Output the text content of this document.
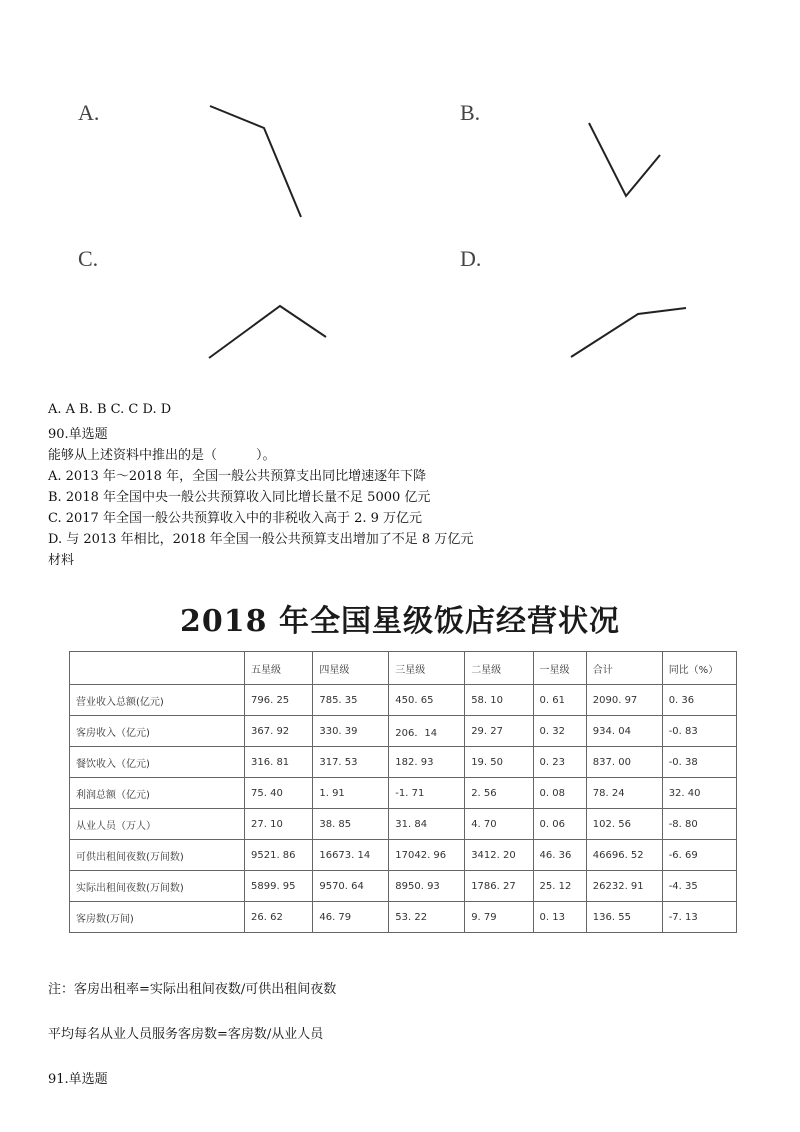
A.	B.
C.	D.
A. A B. B C. C D. D
90.单选题
能够从上述资料中推出的是（　　　）。
A. 2013 年～2018 年，全国一般公共预算支出同比增速逐年下降
B. 2018 年全国中央一般公共预算收入同比增长量不足 5000 亿元
C. 2017 年全国一般公共预算收入中的非税收入高于 2. 9 万亿元
D. 与 2013 年相比，2018 年全国一般公共预算支出增加了不足 8 万亿元
材料
2018 年全国星级饭店经营状况
	五星级	四星级	三星级	二星级	一星级	合计	同比（%）
营业收入总额(亿元)	796. 25	785. 35	450. 65	58. 10	0. 61	2090. 97	0. 36
客房收入（亿元)	367. 92	330. 39	206．14	29. 27	0. 32	934. 04	-0. 83
餐饮收入（亿元)	316. 81	317. 53	182. 93	19. 50	0. 23	837. 00	-0. 38
利润总额（亿元)	75. 40	1. 91	-1. 71	2. 56	0. 08	78. 24	32. 40
从业人员（万人）	27. 10	38. 85	31. 84	4. 70	0. 06	102. 56	-8. 80
可供出租间夜数(万间数)	9521. 86	16673. 14	17042. 96	3412. 20	46. 36	46696. 52	-6. 69
实际出租间夜数(万间数)	5899. 95	9570. 64	8950. 93	1786. 27	25. 12	26232. 91	-4. 35
客房数(万间)	26. 62	46. 79	53. 22	9. 79	0. 13	136. 55	-7. 13
注：客房出租率=实际出租间夜数/可供出租间夜数
平均每名从业人员服务客房数=客房数/从业人员
91.单选题
